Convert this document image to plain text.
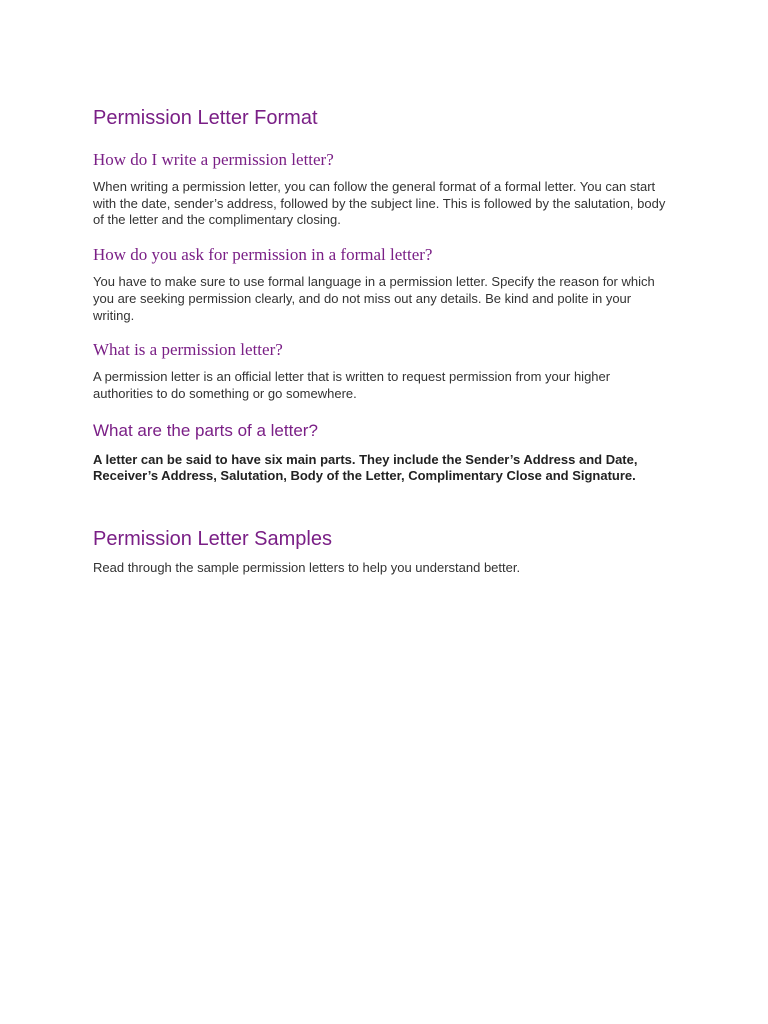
Permission Letter Format
How do I write a permission letter?

When writing a permission letter, you can follow the general format of a formal letter. You can start with the date, sender’s address, followed by the subject line. This is followed by the salutation, body of the letter and the complimentary closing.

How do you ask for permission in a formal letter?

You have to make sure to use formal language in a permission letter. Specify the reason for which you are seeking permission clearly, and do not miss out any details. Be kind and polite in your writing.

What is a permission letter?

A permission letter is an official letter that is written to request permission from your higher authorities to do something or go somewhere.

What are the parts of a letter?

A letter can be said to have six main parts. They include the Sender’s Address and Date, Receiver’s Address, Salutation, Body of the Letter, Complimentary Close and Signature.

Permission Letter Samples

Read through the sample permission letters to help you understand better.
